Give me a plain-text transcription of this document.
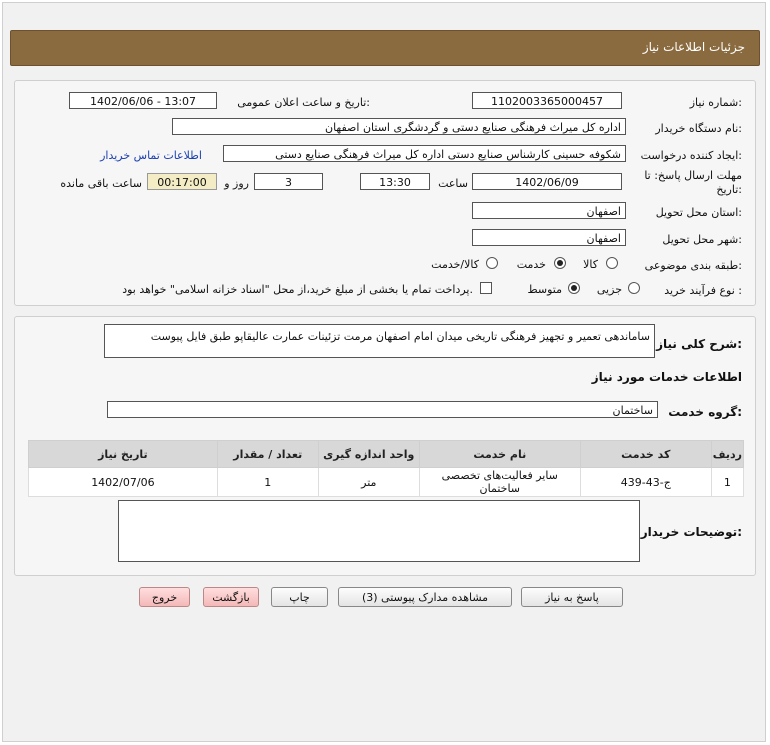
جزئیات اطلاعات نیاز
شماره نیاز:
1102003365000457
تاریخ و ساعت اعلان عمومی:
1402/06/06 - 13:07
نام دستگاه خریدار:
اداره کل میراث فرهنگی صنایع دستی و گردشگری استان اصفهان
ایجاد کننده درخواست:
شکوفه حسینی کارشناس صنایع دستی اداره کل میراث فرهنگی صنایع دستی
اطلاعات تماس خریدار
مهلت ارسال پاسخ: تا
تاریخ:
1402/06/09
ساعت
13:30
3
روز و
00:17:00
ساعت باقی مانده
استان محل تحویل:
اصفهان
شهر محل تحویل:
اصفهان
طبقه بندی موضوعی:
کالا
خدمت
کالا/خدمت
نوع فرآیند خرید :
جزیی
متوسط
پرداخت تمام یا بخشی از مبلغ خرید،از محل "اسناد خزانه اسلامی" خواهد بود.
شرح کلی نیاز:
ساماندهی تعمیر و تجهیز فرهنگی تاریخی میدان امام اصفهان مرمت تزئینات عمارت عالیقاپو طبق فایل پیوست
اطلاعات خدمات مورد نیاز
گروه خدمت:
ساختمان
ردیف	کد خدمت	نام خدمت	واحد اندازه گیری	تعداد / مقدار	تاریخ نیاز
1	ج-43-439	سایر فعالیت‌های تخصصی ساختمان	متر	1	1402/07/06
توضیحات خریدار:
پاسخ به نیاز
مشاهده مدارک پیوستی (3)
چاپ
بازگشت
خروج
